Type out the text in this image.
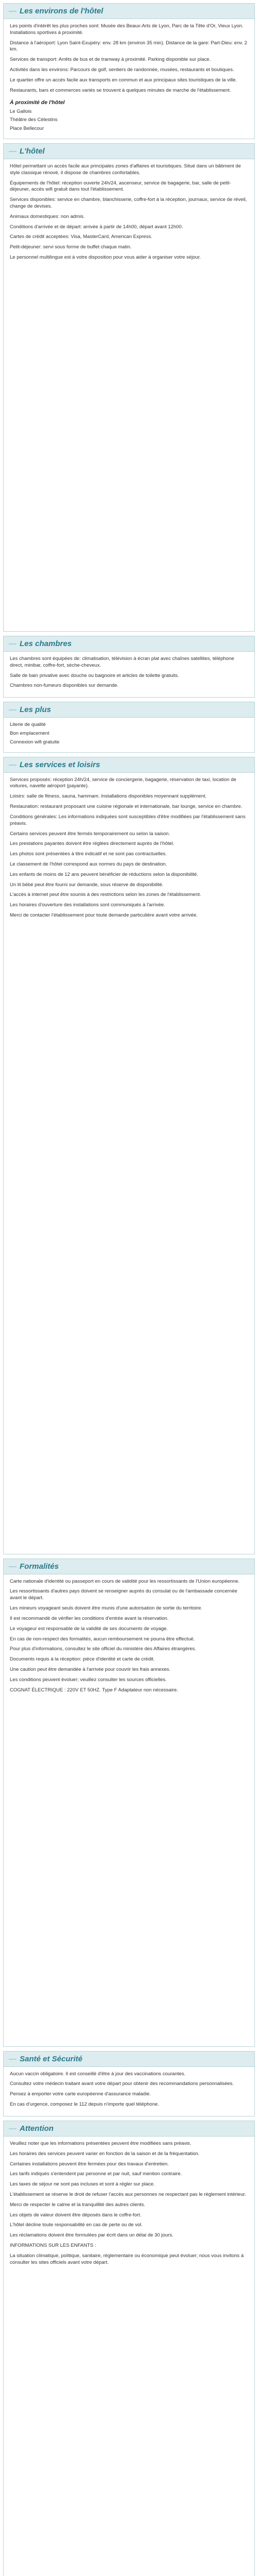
— Les environs de l'hôtel

Les points d'intérêt les plus proches sont: Musée des Beaux-Arts de Lyon, Parc de la Tête d'Or, Vieux Lyon. Installations sportives à proximité.

Distance à l'aéroport: Lyon Saint-Exupéry: env. 28 km (environ 35 min). Distance de la gare: Part-Dieu: env. 2 km.

Services de transport: Arrêts de bus et de tramway à proximité. Parking disponible sur place.

Activités dans les environs: Parcours de golf, sentiers de randonnée, musées, restaurants et boutiques.

Le quartier offre un accès facile aux transports en commun et aux principaux sites touristiques de la ville.

Restaurants, bars et commerces variés se trouvent à quelques minutes de marche de l'établissement.

À proximité de l'hôtel

Le Gallois

Théâtre des Célestins

Place Bellecour

— L'hôtel

Hôtel permettant un accès facile aux principales zones d'affaires et touristiques. Situé dans un bâtiment de style classique rénové, il dispose de chambres confortables.

Équipements de l'hôtel: réception ouverte 24h/24, ascenseur, service de bagagerie, bar, salle de petit-déjeuner, accès wifi gratuit dans tout l'établissement.

Services disponibles: service en chambre, blanchisserie, coffre-fort à la réception, journaux, service de réveil, change de devises.

Animaux domestiques: non admis.

Conditions d'arrivée et de départ: arrivée à partir de 14h00, départ avant 12h00.

Cartes de crédit acceptées: Visa, MasterCard, American Express.

Petit-déjeuner: servi sous forme de buffet chaque matin.

Le personnel multilingue est à votre disposition pour vous aider à organiser votre séjour.

— Les chambres

Les chambres sont équipées de: climatisation, télévision à écran plat avec chaînes satellites, téléphone direct, minibar, coffre-fort, sèche-cheveux.

Salle de bain privative avec douche ou baignoire et articles de toilette gratuits.

Chambres non-fumeurs disponibles sur demande.

— Les plus

Literie de qualité

Bon emplacement

Connexion wifi gratuite

— Les services et loisirs

Services proposés: réception 24h/24, service de conciergerie, bagagerie, réservation de taxi, location de voitures, navette aéroport (payante).

Loisirs: salle de fitness, sauna, hammam. Installations disponibles moyennant supplément.

Restauration: restaurant proposant une cuisine régionale et internationale, bar lounge, service en chambre.

Conditions générales: Les informations indiquées sont susceptibles d'être modifiées par l'établissement sans préavis.

Certains services peuvent être fermés temporairement ou selon la saison.

Les prestations payantes doivent être réglées directement auprès de l'hôtel.

Les photos sont présentées à titre indicatif et ne sont pas contractuelles.

Le classement de l'hôtel correspond aux normes du pays de destination.

Les enfants de moins de 12 ans peuvent bénéficier de réductions selon la disponibilité.

Un lit bébé peut être fourni sur demande, sous réserve de disponibilité.

L'accès à internet peut être soumis à des restrictions selon les zones de l'établissement.

Les horaires d'ouverture des installations sont communiqués à l'arrivée.

Merci de contacter l'établissement pour toute demande particulière avant votre arrivée.

— Formalités

Carte nationale d'identité ou passeport en cours de validité pour les ressortissants de l'Union européenne.

Les ressortissants d'autres pays doivent se renseigner auprès du consulat ou de l'ambassade concernée avant le départ.

Les mineurs voyageant seuls doivent être munis d'une autorisation de sortie du territoire.

Il est recommandé de vérifier les conditions d'entrée avant la réservation.

Le voyageur est responsable de la validité de ses documents de voyage.

En cas de non-respect des formalités, aucun remboursement ne pourra être effectué.

Pour plus d'informations, consultez le site officiel du ministère des Affaires étrangères.

Documents requis à la réception: pièce d'identité et carte de crédit.

Une caution peut être demandée à l'arrivée pour couvrir les frais annexes.

Les conditions peuvent évoluer; veuillez consulter les sources officielles.

COGNAT ÉLECTRIQUE : 220V ET 50HZ. Type F Adaptateur non nécessaire.

— Santé et Sécurité

Aucun vaccin obligatoire. Il est conseillé d'être à jour des vaccinations courantes.

Consultez votre médecin traitant avant votre départ pour obtenir des recommandations personnalisées.

Pensez à emporter votre carte européenne d'assurance maladie.

En cas d'urgence, composez le 112 depuis n'importe quel téléphone.

— Attention

Veuillez noter que les informations présentées peuvent être modifiées sans préavis.

Les horaires des services peuvent varier en fonction de la saison et de la fréquentation.

Certaines installations peuvent être fermées pour des travaux d'entretien.

Les tarifs indiqués s'entendent par personne et par nuit, sauf mention contraire.

Les taxes de séjour ne sont pas incluses et sont à régler sur place.

L'établissement se réserve le droit de refuser l'accès aux personnes ne respectant pas le règlement intérieur.

Merci de respecter le calme et la tranquillité des autres clients.

Les objets de valeur doivent être déposés dans le coffre-fort.

L'hôtel décline toute responsabilité en cas de perte ou de vol.

Les réclamations doivent être formulées par écrit dans un délai de 30 jours.

INFORMATIONS SUR LES ENFANTS :

La situation climatique, politique, sanitaire, règlementaire ou économique peut évoluer; nous vous invitons à consulter les sites officiels avant votre départ.
